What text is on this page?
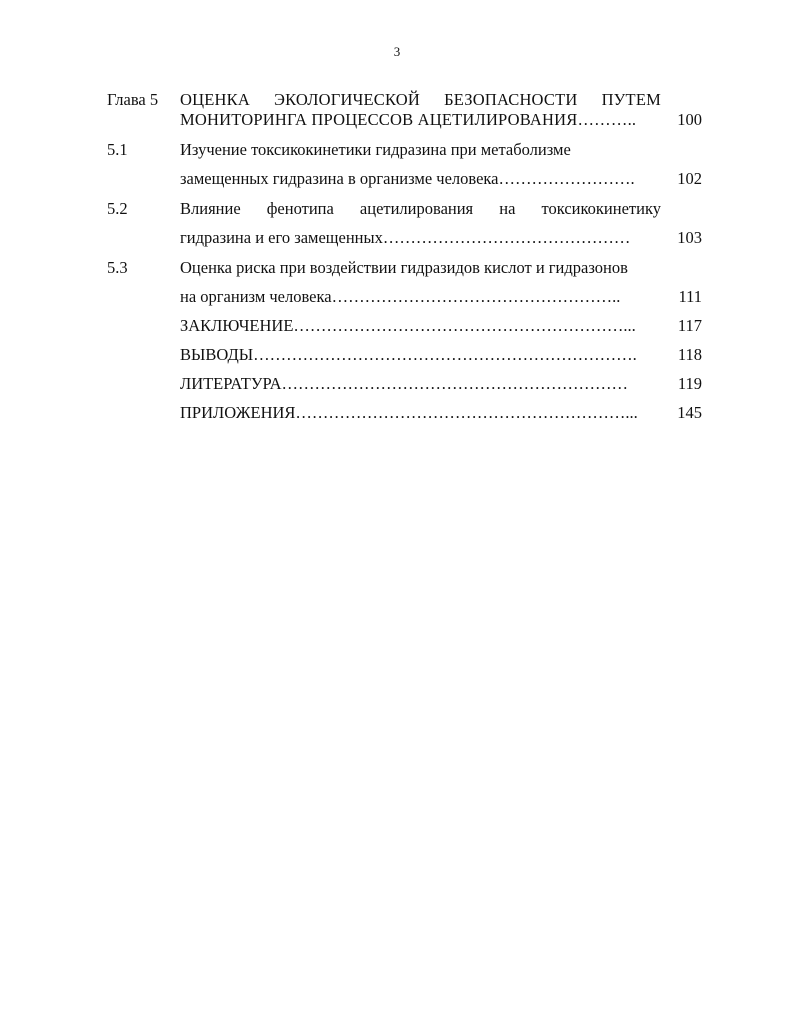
3
Глава 5 ОЦЕНКА ЭКОЛОГИЧЕСКОЙ БЕЗОПАСНОСТИ ПУТЕМ
МОНИТОРИНГА ПРОЦЕССОВ АЦЕТИЛИРОВАНИЯ………..	100
5.1	Изучение токсикокинетики гидразина при метаболизме
замещенных гидразина в организме человека…………………….	102
5.2	Влияние фенотипа ацетилирования на токсикокинетику
гидразина и его замещенных………………………………………	103
5.3	Оценка риска при воздействии гидразидов кислот и гидразонов
на организм человека……………………………………………..	111
ЗАКЛЮЧЕНИЕ……………………………………………………...	117
ВЫВОДЫ…………………………………………………………….	118
ЛИТЕРАТУРА………………………………………………………	119
ПРИЛОЖЕНИЯ……………………………………………………...	145
